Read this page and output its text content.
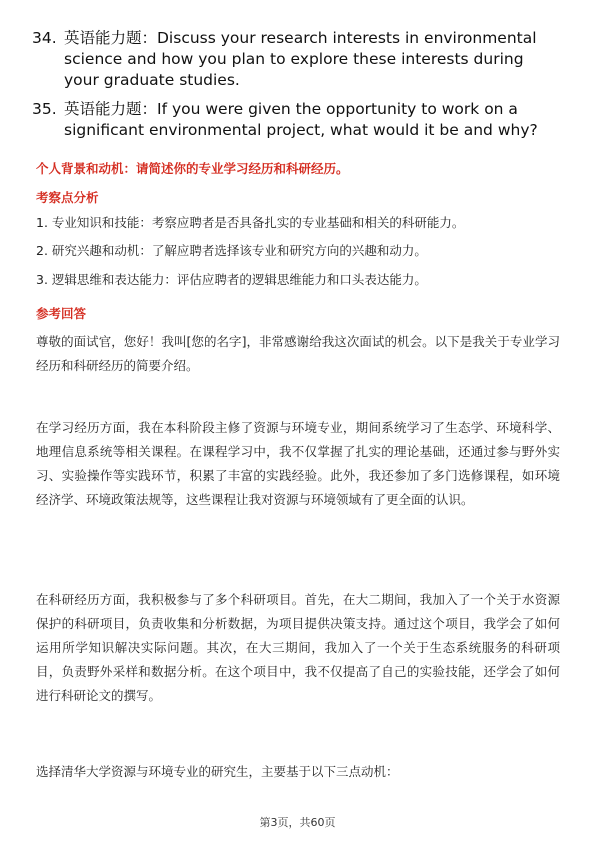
34. 英语能力题：Discuss your research interests in environmental science and how you plan to explore these interests during your graduate studies.
35. 英语能力题：If you were given the opportunity to work on a significant environmental project, what would it be and why?
个人背景和动机：请简述你的专业学习经历和科研经历。
考察点分析
1. 专业知识和技能：考察应聘者是否具备扎实的专业基础和相关的科研能力。
2. 研究兴趣和动机：了解应聘者选择该专业和研究方向的兴趣和动力。
3. 逻辑思维和表达能力：评估应聘者的逻辑思维能力和口头表达能力。
参考回答
尊敬的面试官，您好！我叫[您的名字]，非常感谢给我这次面试的机会。以下是我关于专业学习经历和科研经历的简要介绍。
在学习经历方面，我在本科阶段主修了资源与环境专业，期间系统学习了生态学、环境科学、地理信息系统等相关课程。在课程学习中，我不仅掌握了扎实的理论基础，还通过参与野外实习、实验操作等实践环节，积累了丰富的实践经验。此外，我还参加了多门选修课程，如环境经济学、环境政策法规等，这些课程让我对资源与环境领域有了更全面的认识。
在科研经历方面，我积极参与了多个科研项目。首先，在大二期间，我加入了一个关于水资源保护的科研项目，负责收集和分析数据，为项目提供决策支持。通过这个项目，我学会了如何运用所学知识解决实际问题。其次，在大三期间，我加入了一个关于生态系统服务的科研项目，负责野外采样和数据分析。在这个项目中，我不仅提高了自己的实验技能，还学会了如何进行科研论文的撰写。
选择清华大学资源与环境专业的研究生，主要基于以下三点动机：
第3页，共60页
